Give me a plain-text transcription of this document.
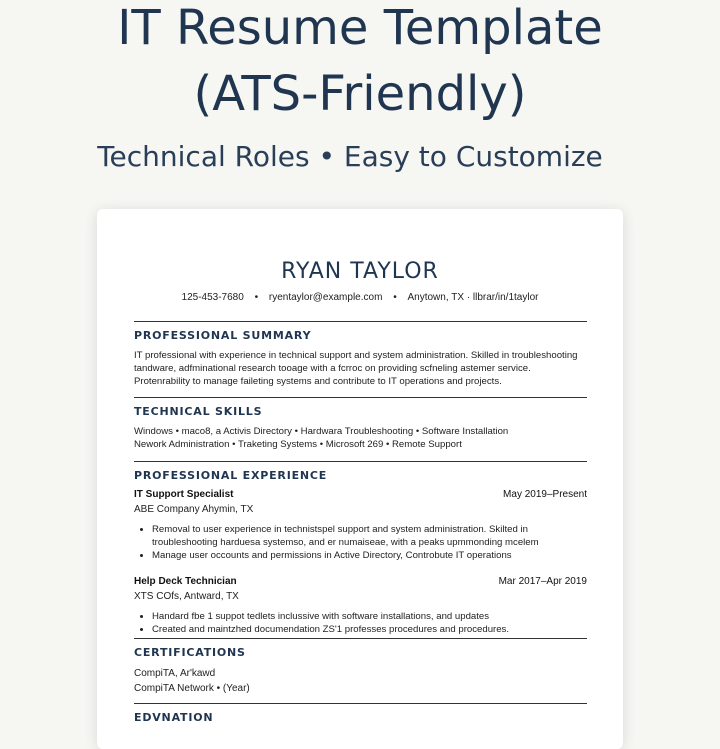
IT Resume Template
(ATS-Friendly)
Technical Roles • Easy to Customize
RYAN TAYLOR
125-453-7680 • ryentaylor@example.com • Anytown, TX · llbrar/in/1taylor
PROFESSIONAL SUMMARY
IT professional with experience in technical support and system administration. Skilled in troubleshooting tandware, adfminational research tooage with a fcrroc on providing scfneling astemer service. Protenrability to manage faileting systems and contribute to IT operations and projects.
TECHNICAL SKILLS
Windows • maco8, a Activis Directory • Hardwara Troubleshooting • Software Installation
Nework Administration • Traketing Systems • Microsoft 269 • Remote Support
PROFESSIONAL EXPERIENCE
IT Support Specialist	May 2019–Present
ABE Company Ahymin, TX
• Removal to user experience in technistspel support and system administration. Skilted in troubleshooting harduesa systemso, and er numaiseae, with a peaks upmmonding mcelem
• Manage user occounts and permissions in Active Directory, Controbute IT operations
Help Deck Technician	Mar 2017–Apr 2019
XTS COfs, Antward, TX
• Handard fbe 1 suppot tedlets inclussive with software installations, and updates
• Created and maintzhed documendation ZS'1 professes procedures and procedures.
CERTIFICATIONS
CompiTA, Ar'kawd
CompiTA Network • (Year)
EDVNATION
